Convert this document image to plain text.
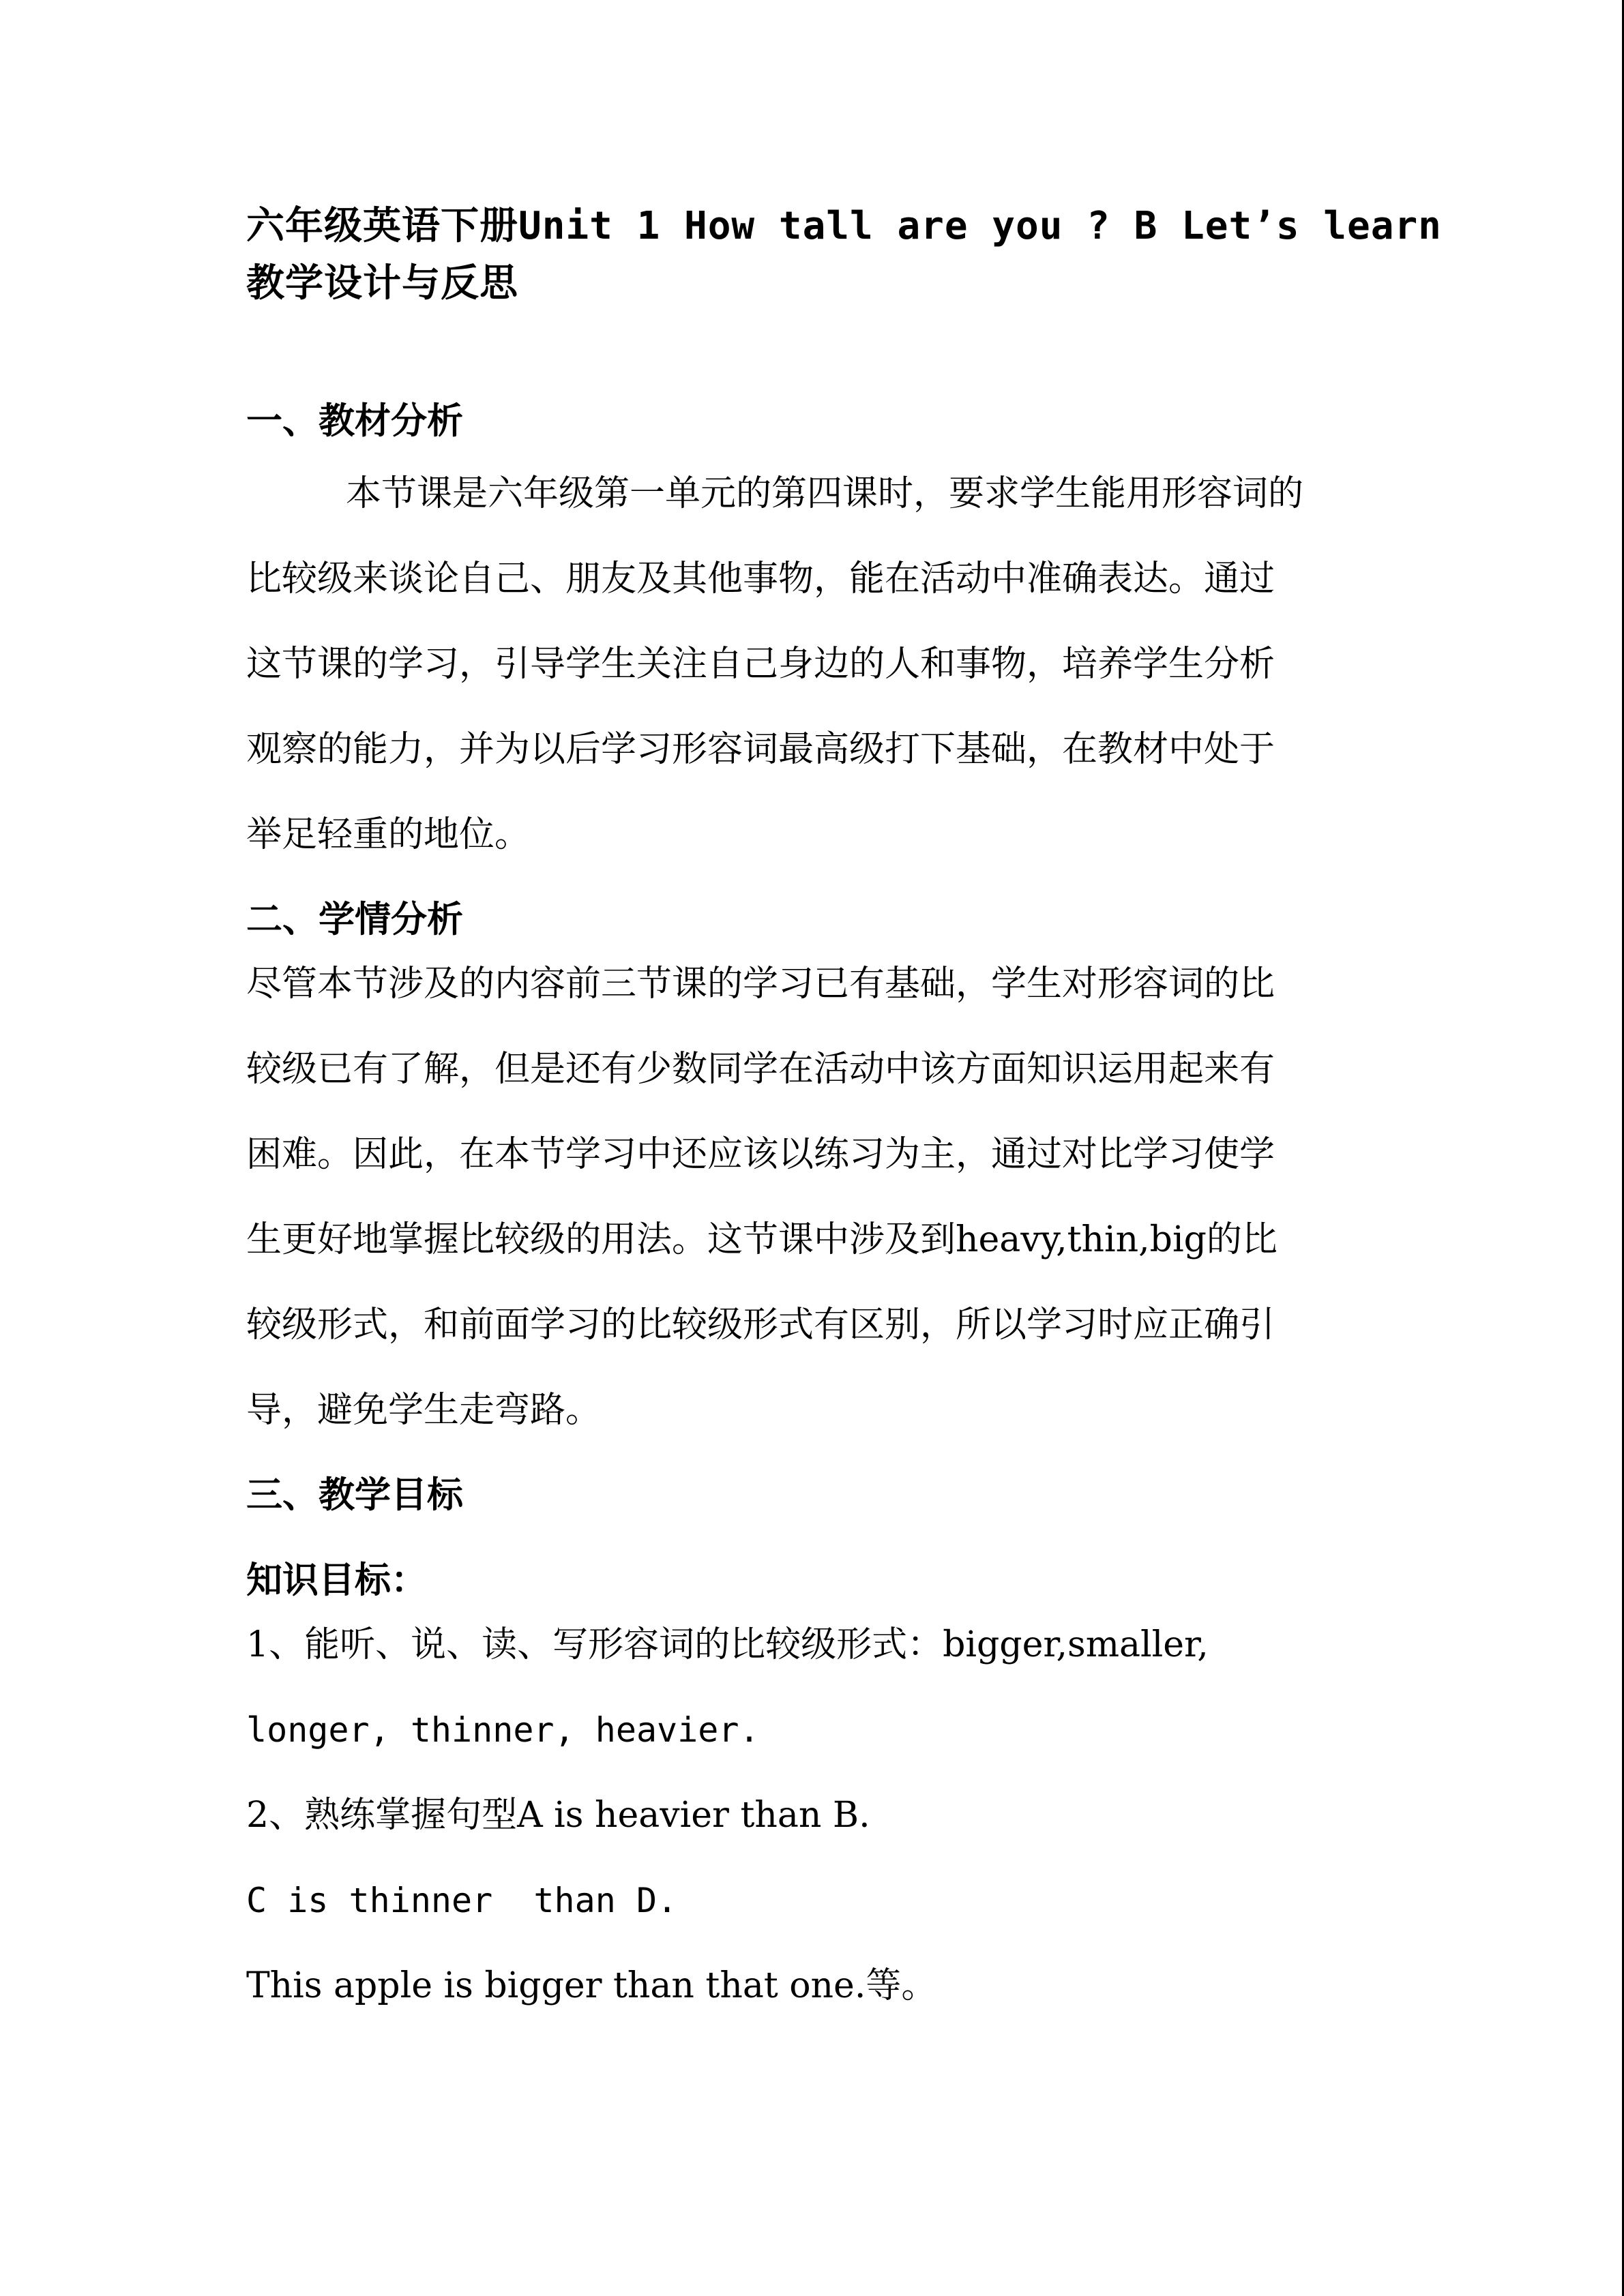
六年级英语下册Unit 1 How tall are you ? B Let’s learn

教学设计与反思

一、教材分析

本节课是六年级第一单元的第四课时，要求学生能用形容词的

比较级来谈论自己、朋友及其他事物，能在活动中准确表达。通过

这节课的学习，引导学生关注自己身边的人和事物，培养学生分析

观察的能力，并为以后学习形容词最高级打下基础，在教材中处于

举足轻重的地位。

二、学情分析

尽管本节涉及的内容前三节课的学习已有基础，学生对形容词的比

较级已有了解，但是还有少数同学在活动中该方面知识运用起来有

困难。因此，在本节学习中还应该以练习为主，通过对比学习使学

生更好地掌握比较级的用法。这节课中涉及到heavy,thin,big的比

较级形式，和前面学习的比较级形式有区别，所以学习时应正确引

导，避免学生走弯路。

三、教学目标

知识目标：

1、能听、说、读、写形容词的比较级形式：bigger,smaller,

longer, thinner, heavier.

2、熟练掌握句型A is heavier than B.

C is thinner  than D.

This apple is bigger than that one.等。
